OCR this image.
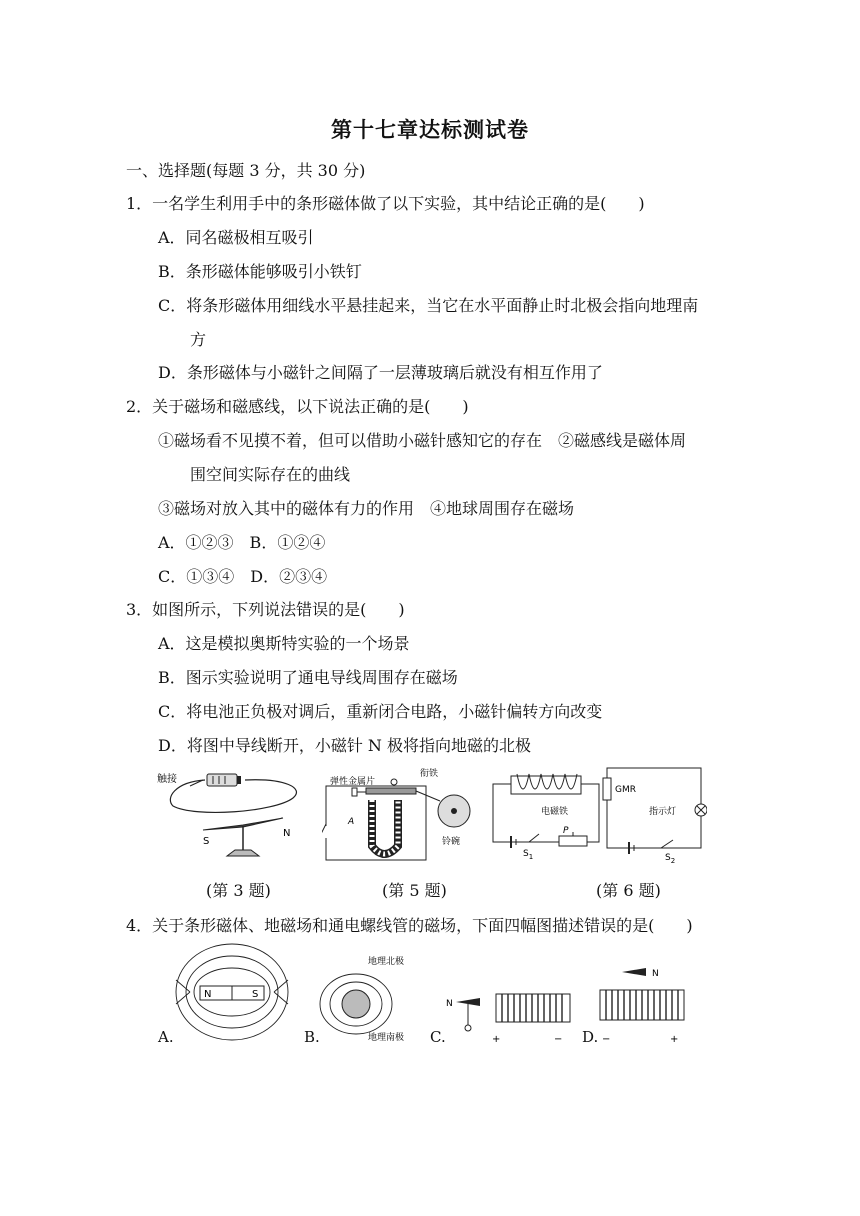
第十七章达标测试卷
一、选择题(每题 3 分，共 30 分)
1．一名学生利用手中的条形磁体做了以下实验，其中结论正确的是(　　)
A．同名磁极相互吸引
B．条形磁体能够吸引小铁钉
C．将条形磁体用细线水平悬挂起来，当它在水平面静止时北极会指向地理南
方
D．条形磁体与小磁针之间隔了一层薄玻璃后就没有相互作用了
2．关于磁场和磁感线，以下说法正确的是(　　)
①磁场看不见摸不着，但可以借助小磁针感知它的存在　②磁感线是磁体周
围空间实际存在的曲线
③磁场对放入其中的磁体有力的作用　④地球周围存在磁场
A．①②③　B．①②④
C．①③④　D．②③④
3．如图所示，下列说法错误的是(　　)
A．这是模拟奥斯特实验的一个场景
B．图示实验说明了通电导线周围存在磁场
C．将电池正负极对调后，重新闭合电路，小磁针偏转方向改变
D．将图中导线断开，小磁针 N 极将指向地磁的北极
触接
S
N
弹性金属片
衔铁
A
铃碗
电磁铁
P
$S_1$
GMR
指示灯
$S_2$
(第 3 题)	(第 5 题)	(第 6 题)
4．关于条形磁体、地磁场和通电螺线管的磁场，下面四幅图描述错误的是(　　)
N	S
A.
地理北极
地理南极
B.
N
+	−
C.
N
−	+
D.
